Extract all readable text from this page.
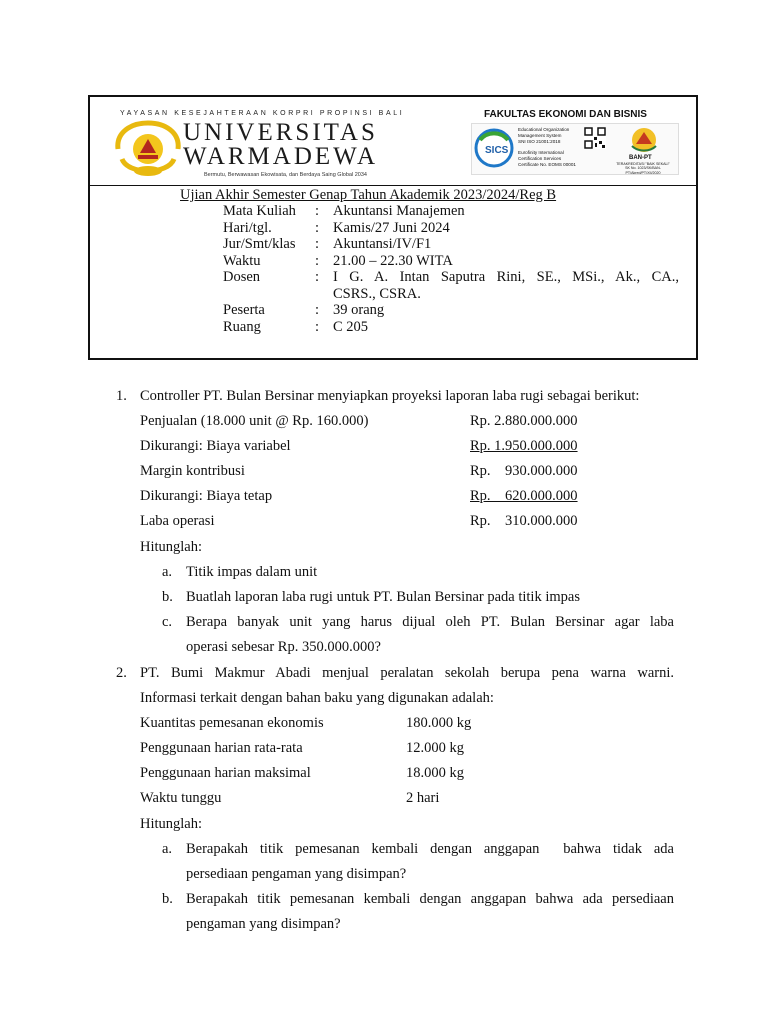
YAYASAN KESEJAHTERAAN KORPRI PROPINSI BALI
UNIVERSITAS
WARMADEWA
Bermutu, Berwawasan Ekowisata, dan Berdaya Saing Global 2034
FAKULTAS EKONOMI DAN BISNIS
SICS
Educational Organization
Management System
SNI ISO 21001:2018
Eurofinity International Certification Services
Certificate No. EOMS 00001
BAN-PT
TERAKREDITASI "BAIK SEKALI"
SK No. 1023/SK/BAN-PT/Akred/PT/XII/2020
Ujian Akhir Semester Genap Tahun Akademik 2023/2024/Reg B
Mata Kuliah	: Akuntansi Manajemen
Hari/tgl.	: Kamis/27 Juni 2024
Jur/Smt/klas	: Akuntansi/IV/F1
Waktu	: 21.00 – 22.30 WITA
Dosen	: I G. A. Intan Saputra Rini, SE., MSi., Ak., CA.,
CSRS., CSRA.
Peserta	: 39 orang
Ruang	: C 205
1. Controller PT. Bulan Bersinar menyiapkan proyeksi laporan laba rugi sebagai berikut:
Penjualan (18.000 unit @ Rp. 160.000)	Rp. 2.880.000.000
Dikurangi: Biaya variabel	Rp. 1.950.000.000
Margin kontribusi	Rp.    930.000.000
Dikurangi: Biaya tetap	Rp.    620.000.000
Laba operasi	Rp.    310.000.000
Hitunglah:
a. Titik impas dalam unit
b. Buatlah laporan laba rugi untuk PT. Bulan Bersinar pada titik impas
c. Berapa banyak unit yang harus dijual oleh PT. Bulan Bersinar agar laba
operasi sebesar Rp. 350.000.000?
2. PT. Bumi Makmur Abadi menjual peralatan sekolah berupa pena warna warni.
Informasi terkait dengan bahan baku yang digunakan adalah:
Kuantitas pemesanan ekonomis	180.000 kg
Penggunaan harian rata-rata	12.000 kg
Penggunaan harian maksimal	18.000 kg
Waktu tunggu	2 hari
Hitunglah:
a. Berapakah titik pemesanan kembali dengan anggapan  bahwa tidak ada
persediaan pengaman yang disimpan?
b. Berapakah titik pemesanan kembali dengan anggapan bahwa ada persediaan
pengaman yang disimpan?
